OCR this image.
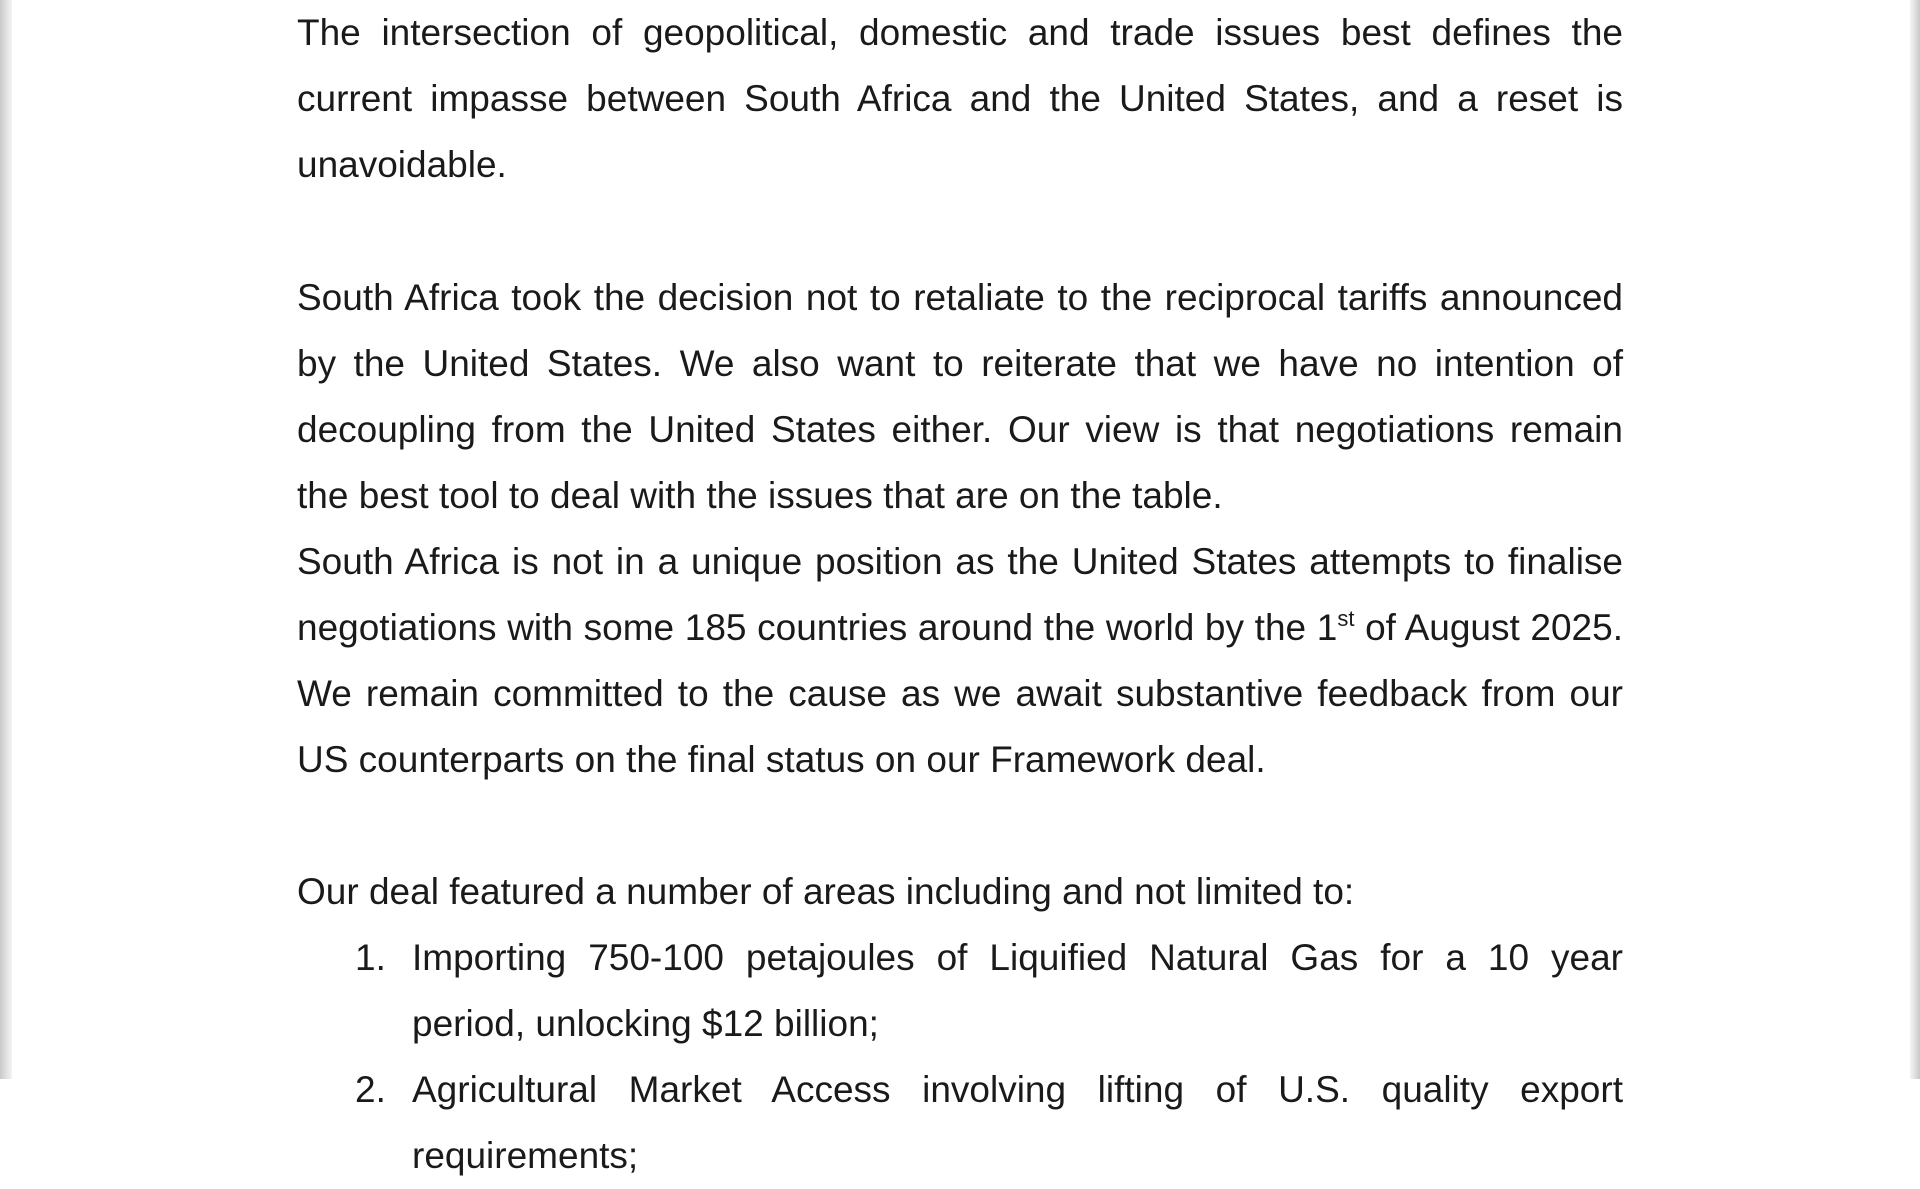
The intersection of geopolitical, domestic and trade issues best defines the current impasse between South Africa and the United States, and a reset is unavoidable.

South Africa took the decision not to retaliate to the reciprocal tariffs announced by the United States. We also want to reiterate that we have no intention of decoupling from the United States either. Our view is that negotiations remain the best tool to deal with the issues that are on the table.

South Africa is not in a unique position as the United States attempts to finalise negotiations with some 185 countries around the world by the 1st of August 2025. We remain committed to the cause as we await substantive feedback from our US counterparts on the final status on our Framework deal.

Our deal featured a number of areas including and not limited to:

1. Importing 750-100 petajoules of Liquified Natural Gas for a 10 year period, unlocking $12 billion;
2. Agricultural Market Access involving lifting of U.S. quality export requirements;
